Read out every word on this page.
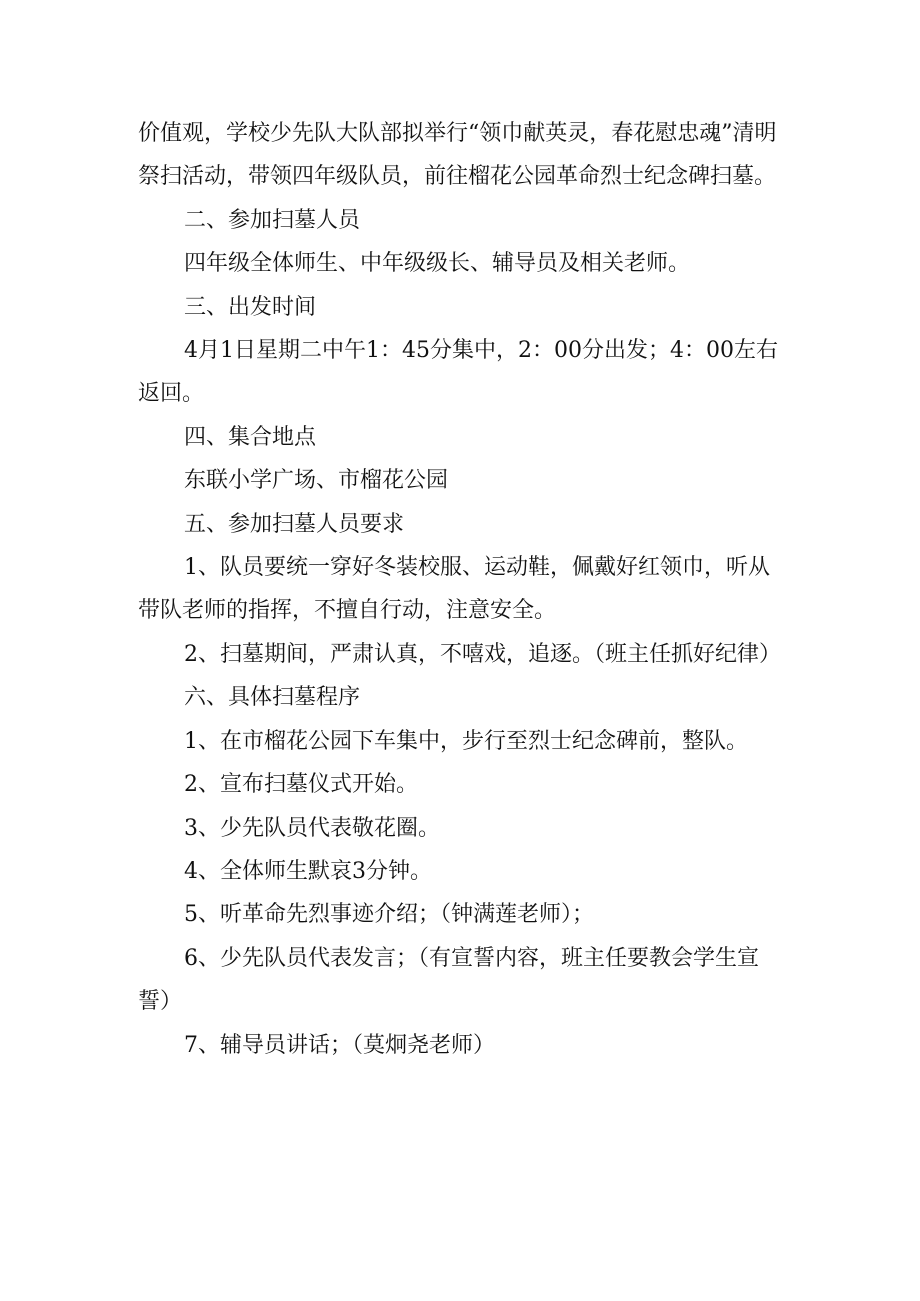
价值观，学校少先队大队部拟举行“领巾献英灵，春花慰忠魂”清明祭扫活动，带领四年级队员，前往榴花公园革命烈士纪念碑扫墓。

二、参加扫墓人员

四年级全体师生、中年级级长、辅导员及相关老师。

三、出发时间

4月1日星期二中午1：45分集中，2：00分出发；4：00左右返回。

四、集合地点

东联小学广场、市榴花公园

五、参加扫墓人员要求

1、队员要统一穿好冬装校服、运动鞋，佩戴好红领巾，听从带队老师的指挥，不擅自行动，注意安全。

2、扫墓期间，严肃认真，不嘻戏，追逐。（班主任抓好纪律）

六、具体扫墓程序

1、在市榴花公园下车集中，步行至烈士纪念碑前，整队。

2、宣布扫墓仪式开始。

3、少先队员代表敬花圈。

4、全体师生默哀3分钟。

5、听革命先烈事迹介绍；（钟满莲老师）；

6、少先队员代表发言；（有宣誓内容，班主任要教会学生宣誓）

7、辅导员讲话；（莫炯尧老师）
